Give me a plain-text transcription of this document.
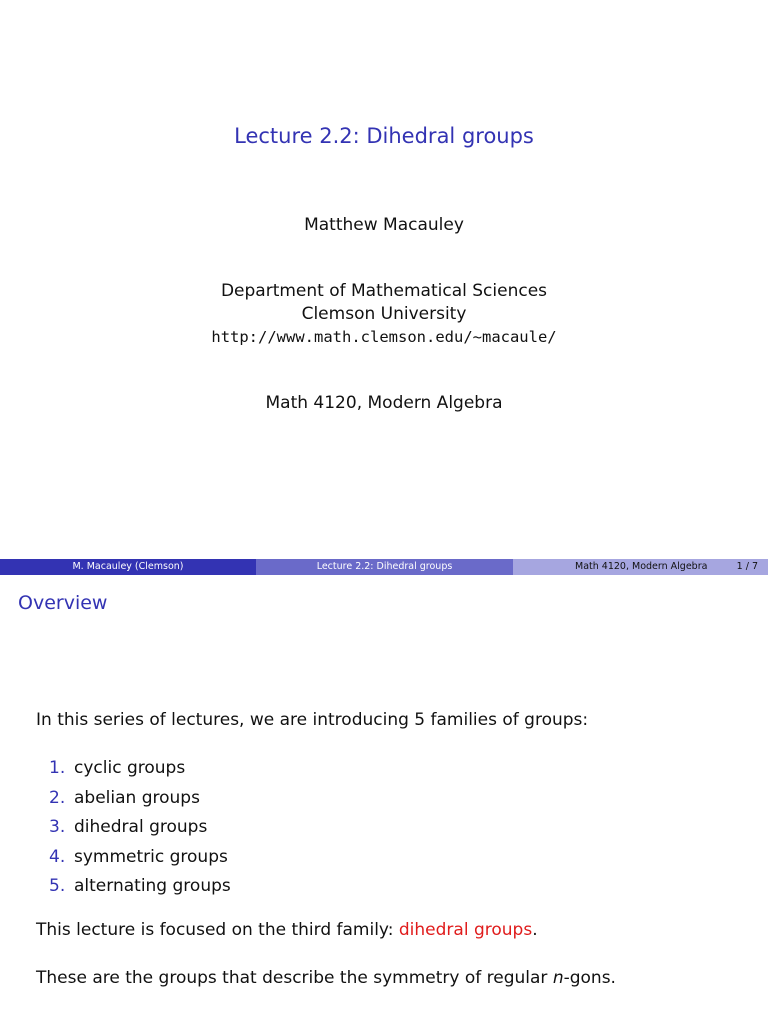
Lecture 2.2: Dihedral groups
Matthew Macauley
Department of Mathematical Sciences
Clemson University
http://www.math.clemson.edu/~macaule/
Math 4120, Modern Algebra
M. Macauley (Clemson)	Lecture 2.2: Dihedral groups	Math 4120, Modern Algebra	1 / 7
Overview
In this series of lectures, we are introducing 5 families of groups:
1. cyclic groups
2. abelian groups
3. dihedral groups
4. symmetric groups
5. alternating groups
This lecture is focused on the third family: dihedral groups.
These are the groups that describe the symmetry of regular n-gons.
